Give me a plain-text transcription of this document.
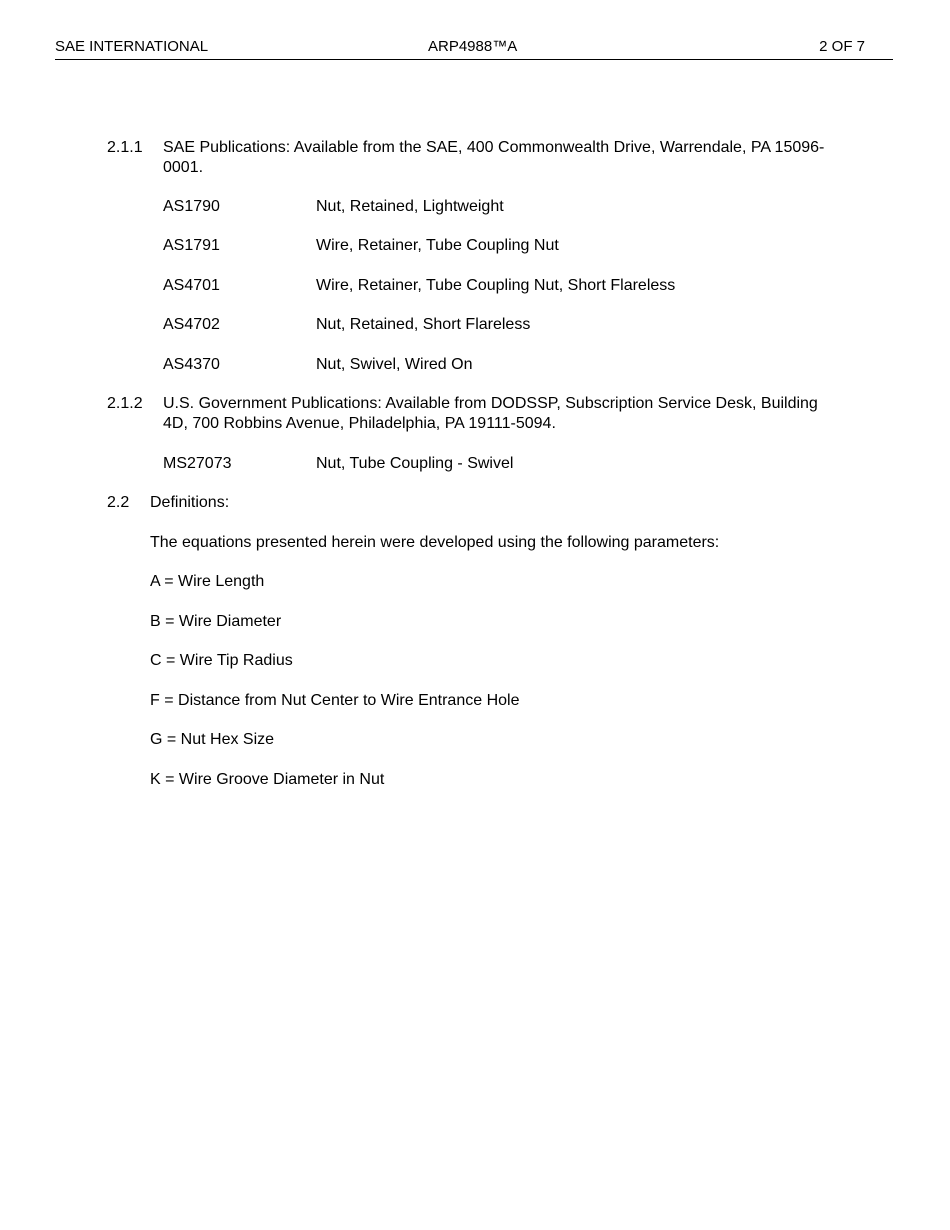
SAE INTERNATIONAL	ARP4988™A	2 OF 7
2.1.1 SAE Publications: Available from the SAE, 400 Commonwealth Drive, Warrendale, PA 15096-0001.
AS1790	Nut, Retained, Lightweight
AS1791	Wire, Retainer, Tube Coupling Nut
AS4701	Wire, Retainer, Tube Coupling Nut, Short Flareless
AS4702	Nut, Retained, Short Flareless
AS4370	Nut, Swivel, Wired On
2.1.2 U.S. Government Publications: Available from DODSSP, Subscription Service Desk, Building 4D, 700 Robbins Avenue, Philadelphia, PA 19111-5094.
MS27073	Nut, Tube Coupling - Swivel
2.2 Definitions:
The equations presented herein were developed using the following parameters:
A = Wire Length
B = Wire Diameter
C = Wire Tip Radius
F = Distance from Nut Center to Wire Entrance Hole
G = Nut Hex Size
K = Wire Groove Diameter in Nut
